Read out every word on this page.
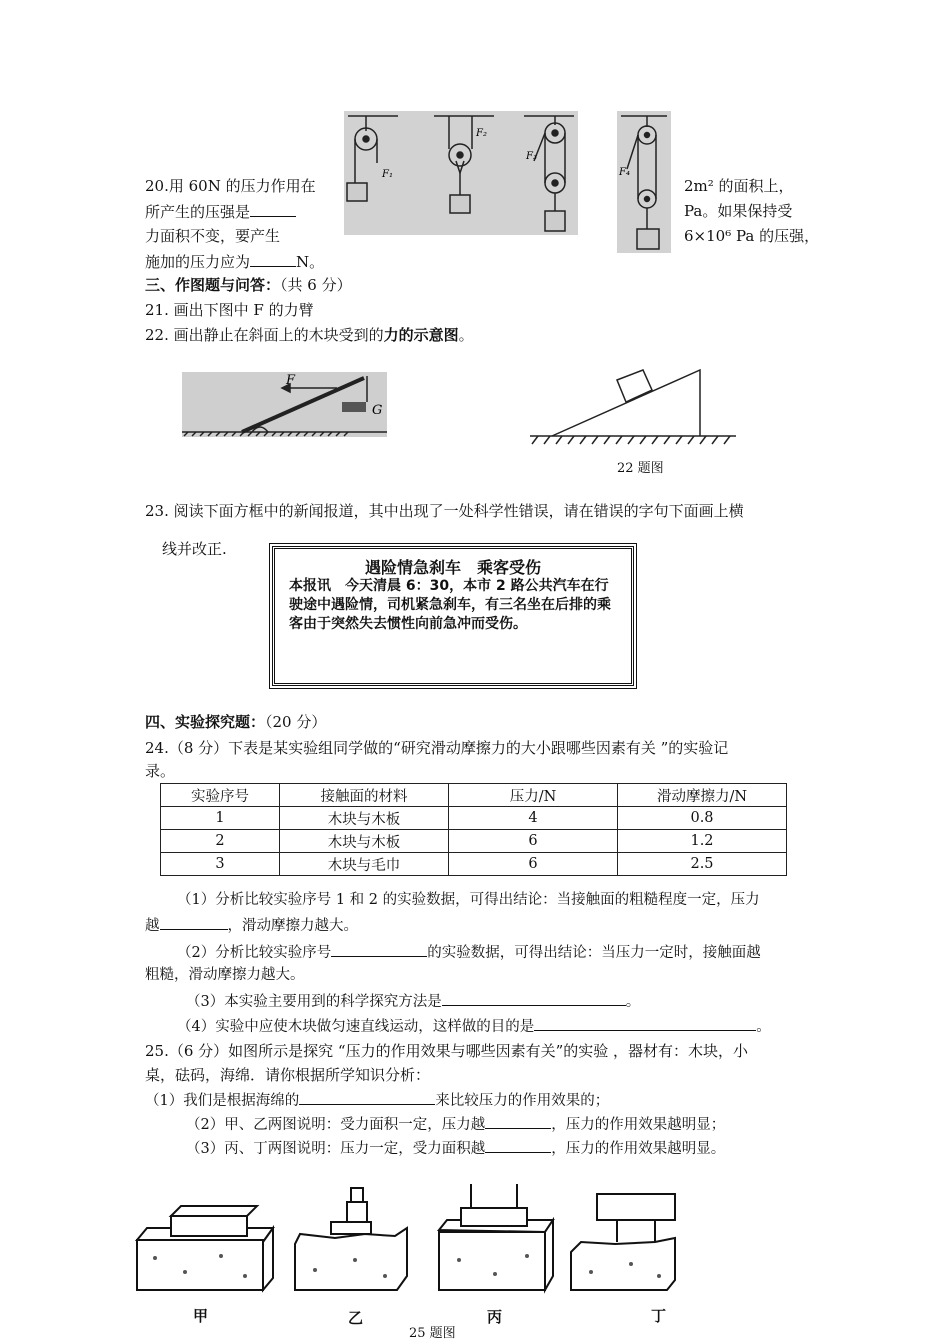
20.用 60N 的压力作用在
所产生的压强是
力面积不变，要产生
施加的压力应为	N。
2m² 的面积上，
Pa。如果保持受
6×10⁶ Pa 的压强，
F₁
F₂
F₃
F₄
三、作图题与问答：（共 6 分）
21. 画出下图中 F 的力臂
22. 画出静止在斜面上的木块受到的力的示意图。
F
G
22 题图
23. 阅读下面方框中的新闻报道，其中出现了一处科学性错误，请在错误的字句下面画上横
线并改正.
遇险情急刹车　乘客受伤
本报讯　今天清晨 6：30，本市 2 路公共汽车在行驶途中遇险情，司机紧急刹车，有三名坐在后排的乘客由于突然失去惯性向前急冲而受伤。
四、实验探究题：（20 分）
24.（8 分）下表是某实验组同学做的“研究滑动摩擦力的大小跟哪些因素有关 ”的实验记
录。
实验序号	接触面的材料	压力/N	滑动摩擦力/N
1	木块与木板	4	0.8
2	木块与木板	6	1.2
3	木块与毛巾	6	2.5
（1）分析比较实验序号 1 和 2 的实验数据，可得出结论：当接触面的粗糙程度一定，压力
越	，滑动摩擦力越大。
（2）分析比较实验序号	的实验数据，可得出结论：当压力一定时，接触面越
粗糙，滑动摩擦力越大。
（3）本实验主要用到的科学探究方法是	。
（4）实验中应使木块做匀速直线运动，这样做的目的是	。
25.（6 分）如图所示是探究 “压力的作用效果与哪些因素有关”的实验 ，器材有：木块，小
桌，砝码，海绵．请你根据所学知识分析：
（1）我们是根据海绵的	来比较压力的作用效果的；
（2）甲、乙两图说明：受力面积一定，压力越	，压力的作用效果越明显；
（3）丙、丁两图说明：压力一定，受力面积越	，压力的作用效果越明显。
甲	乙	丙	丁
25 题图
